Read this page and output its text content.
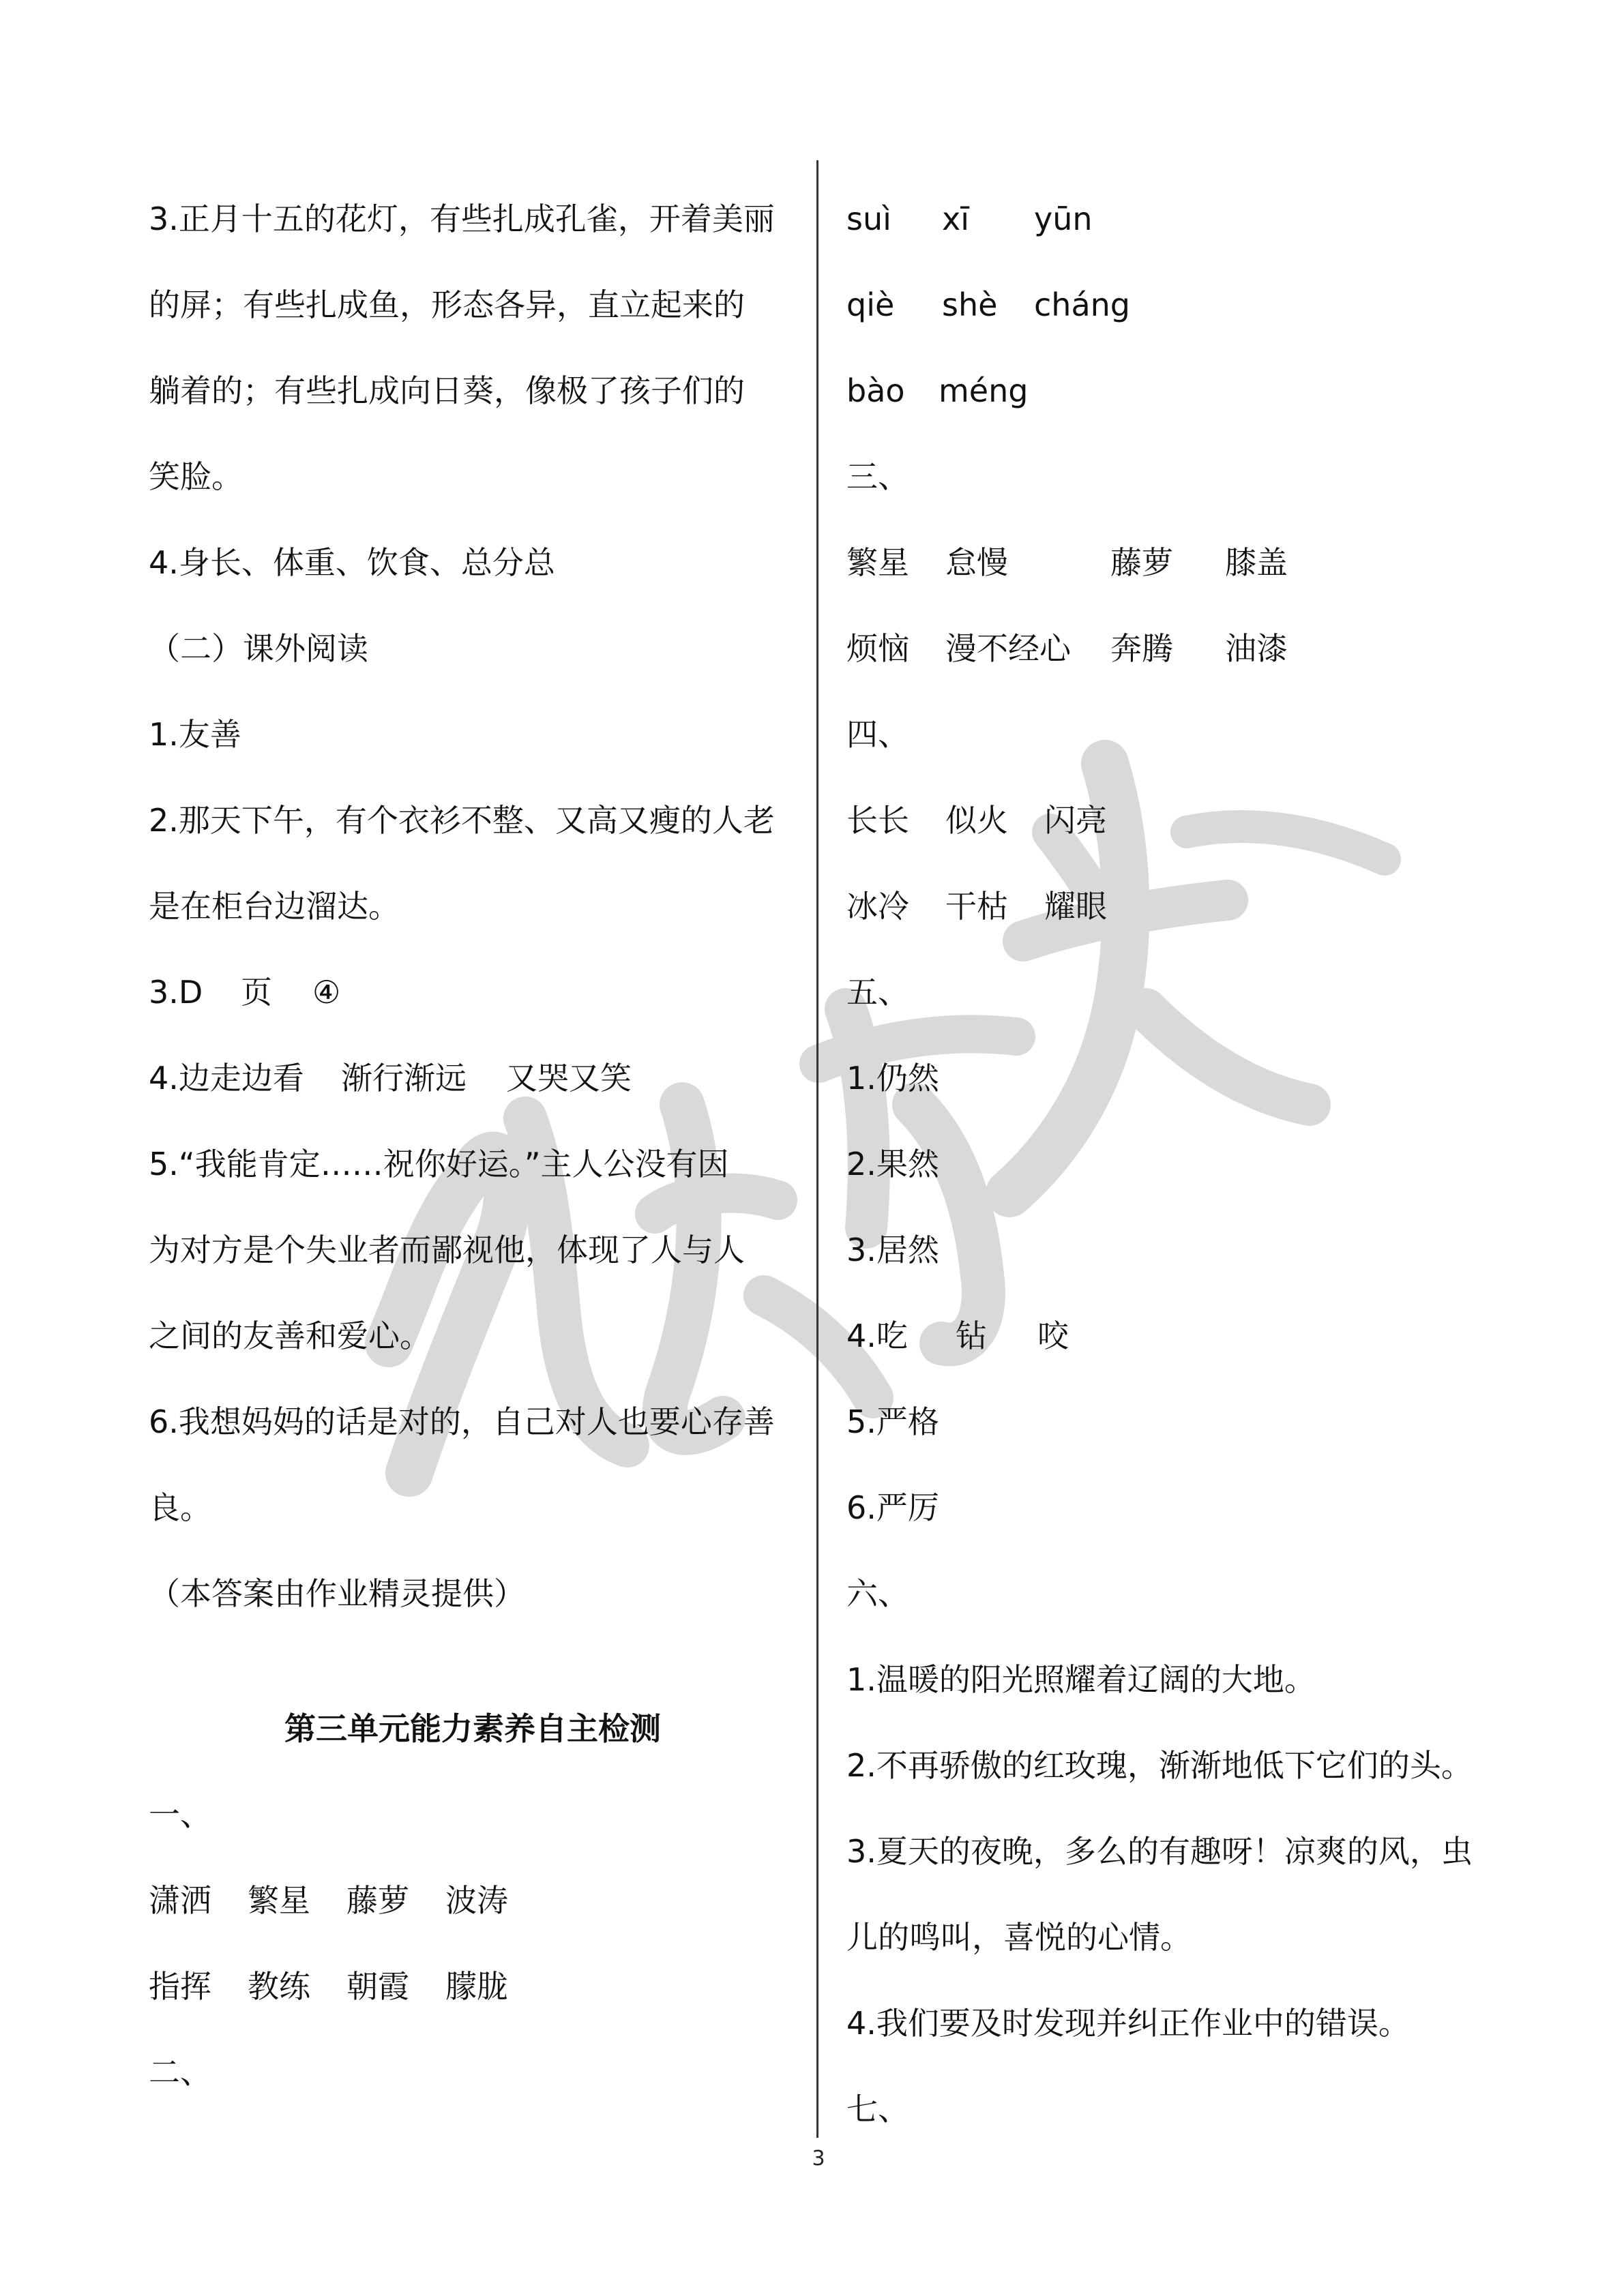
3.正月十五的花灯，有些扎成孔雀，开着美丽
的屏；有些扎成鱼，形态各异，直立起来的
躺着的；有些扎成向日葵，像极了孩子们的
笑脸。
4.身长、体重、饮食、总分总
（二）课外阅读
1.友善
2.那天下午，有个衣衫不整、又高又瘦的人老
是在柜台边溜达。
3.D 页 ④
4.边走边看 渐行渐远 又哭又笑
5.“我能肯定……祝你好运。”主人公没有因
为对方是个失业者而鄙视他，体现了人与人
之间的友善和爱心。
6.我想妈妈的话是对的，自己对人也要心存善
良。
（本答案由作业精灵提供）
第三单元能力素养自主检测
一、
潇洒 繁星 藤萝 波涛
指挥 教练 朝霞 朦胧
二、
suì xī yūn
qiè shè cháng
bào méng
三、
繁星 怠慢	藤萝 膝盖
烦恼 漫不经心 奔腾 油漆
四、
长长 似火 闪亮
冰冷 干枯 耀眼
五、
1.仍然
2.果然
3.居然
4.吃 钻 咬
5.严格
6.严厉
六、
1.温暖的阳光照耀着辽阔的大地。
2.不再骄傲的红玫瑰，渐渐地低下它们的头。
3.夏天的夜晚，多么的有趣呀！凉爽的风，虫
儿的鸣叫，喜悦的心情。
4.我们要及时发现并纠正作业中的错误。
七、
3
